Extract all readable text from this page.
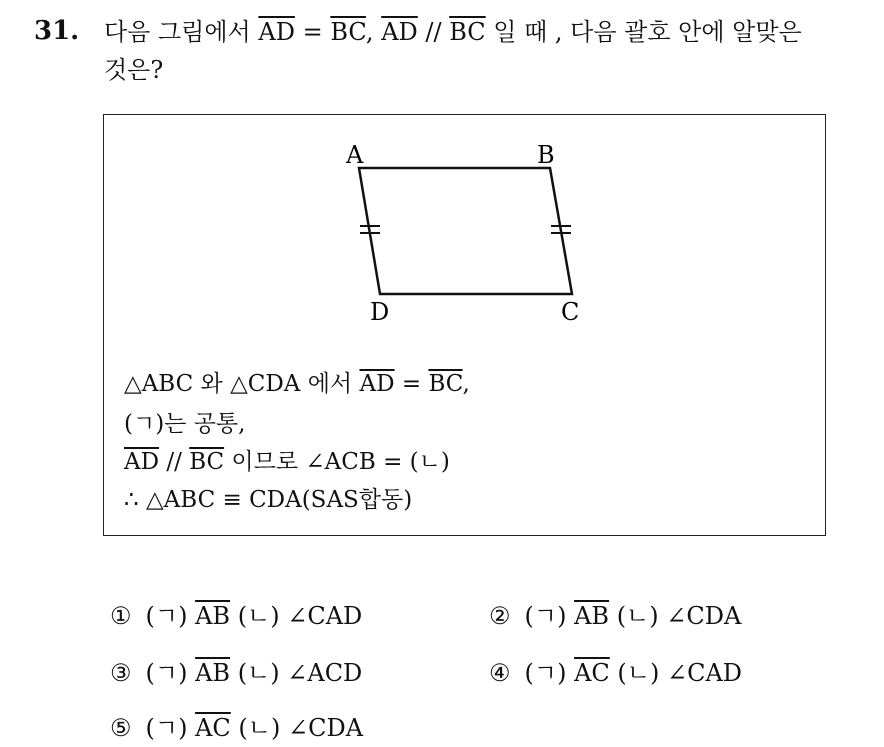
31. 다음 그림에서 $\overline{AD} = \overline{BC}$, $\overline{AD} // \overline{BC}$ 일 때 , 다음 괄호 안에 알맞은
것은?
A	B
C
D
△ABC 와 △CDA 에서 $\overline{AD} = \overline{BC}$,
(ㄱ)는 공통,
$\overline{AD} // \overline{BC}$ 이므로 ∠ACB = (ㄴ)
∴ △ABC ≡ CDA(SAS합동)
① (ㄱ) $\overline{AB}$ (ㄴ) ∠CAD	② (ㄱ) $\overline{AB}$ (ㄴ) ∠CDA
③ (ㄱ) $\overline{AB}$ (ㄴ) ∠ACD	④ (ㄱ) $\overline{AC}$ (ㄴ) ∠CAD
⑤ (ㄱ) $\overline{AC}$ (ㄴ) ∠CDA
